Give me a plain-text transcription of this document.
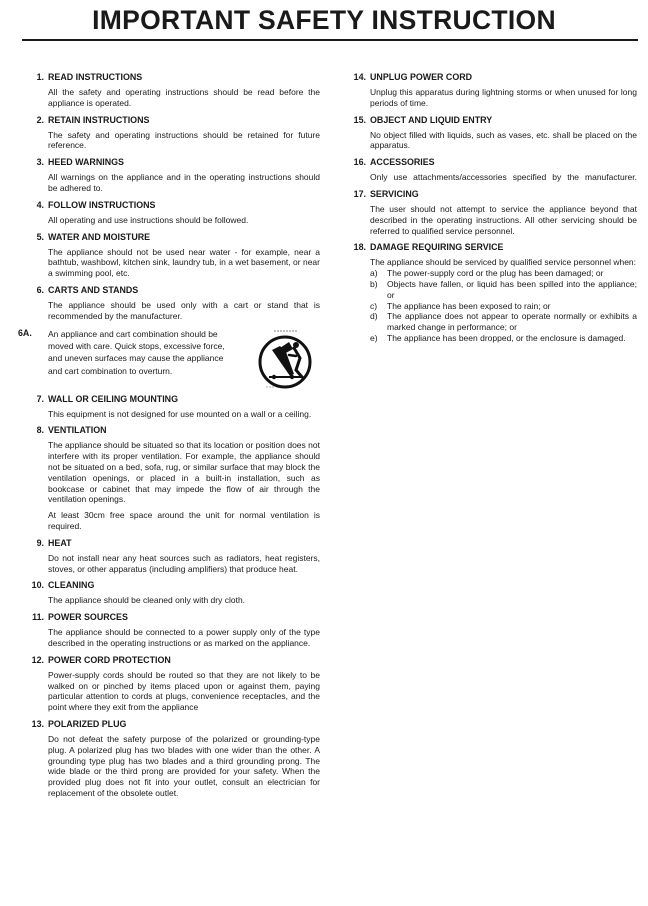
IMPORTANT SAFETY INSTRUCTION
1. READ INSTRUCTIONS

All the safety and operating instructions should be read before the appliance is operated.

2. RETAIN INSTRUCTIONS

The safety and operating instructions should be retained for future reference.

3. HEED WARNINGS

All warnings on the appliance and in the operating instructions should be adhered to.

4. FOLLOW INSTRUCTIONS

All operating and use instructions should be followed.

5. WATER AND MOISTURE

The appliance should not be used near water - for example, near a bathtub, washbowl, kitchen sink, laundry tub, in a wet basement, or near a swimming pool, etc.

6. CARTS AND STANDS

The appliance should be used only with a cart or stand that is recommended by the manufacturer.

6A.	An appliance and cart combination should be
moved with care. Quick stops, excessive force,
and uneven surfaces may cause the appliance
and cart combination to overturn.
7. WALL OR CEILING MOUNTING

This equipment is not designed for use mounted on a wall or a ceiling.

8. VENTILATION

The appliance should be situated so that its location or position does not interfere with its proper ventilation. For example, the appliance should not be situated on a bed, sofa, rug, or similar surface that may block the ventilation openings, or placed in a built-in installation, such as bookcase or cabinet that may impede the flow of air through the ventilation openings.

At least 30cm free space around the unit for normal ventilation is required.

9. HEAT

Do not install near any heat sources such as radiators, heat registers, stoves, or other apparatus (including amplifiers) that produce heat.

10. CLEANING

The appliance should be cleaned only with dry cloth.

11. POWER SOURCES

The appliance should be connected to a power supply only of the type described in the operating instructions or as marked on the appliance.

12. POWER CORD PROTECTION

Power-supply cords should be routed so that they are not likely to be walked on or pinched by items placed upon or against them, paying particular attention to cords at plugs, convenience receptacles, and the point where they exit from the appliance

13. POLARIZED PLUG

Do not defeat the safety purpose of the polarized or grounding-type plug. A polarized plug has two blades with one wider than the other. A grounding type plug has two blades and a third grounding prong. The wide blade or the third prong are provided for your safety. When the provided plug does not fit into your outlet, consult an electrician for replacement of the obsolete outlet.

14. UNPLUG POWER CORD

Unplug this apparatus during lightning storms or when unused for long periods of time.

15. OBJECT AND LIQUID ENTRY

No object filled with liquids, such as vases, etc. shall be placed on the apparatus.

16. ACCESSORIES

Only use attachments/accessories specified by the manufacturer.

17. SERVICING

The user should not attempt to service the appliance beyond that described in the operating instructions. All other servicing should be referred to qualified service personnel.

18. DAMAGE REQUIRING SERVICE

The appliance should be serviced by qualified service personnel when:

a)	The power-supply cord or the plug has been damaged; or
b)	Objects have fallen, or liquid has been spilled into the appliance; or
c)	The appliance has been exposed to rain; or
d)	The appliance does not appear to operate normally or exhibits a marked change in performance; or
e)	The appliance has been dropped, or the enclosure is damaged.
